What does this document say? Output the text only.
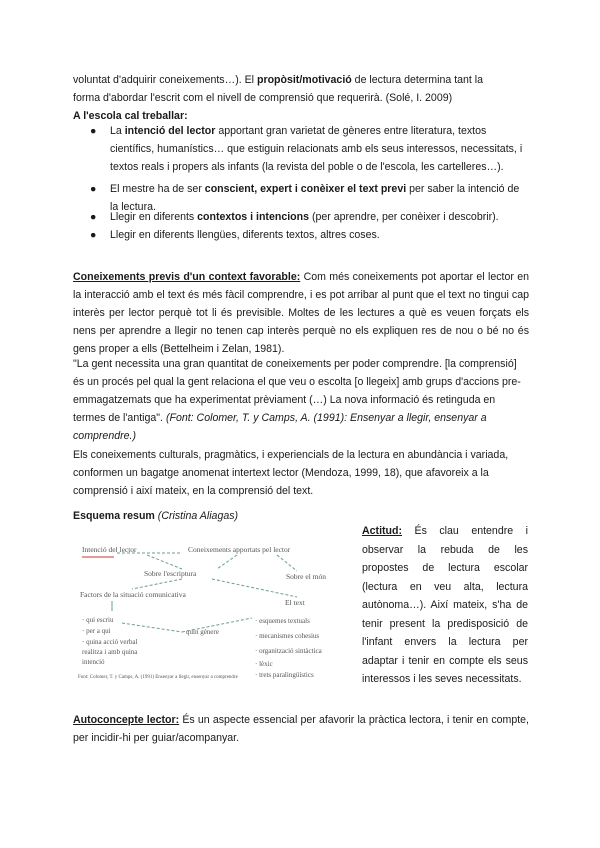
voluntat d'adquirir coneixements…). El propòsit/motivació de lectura determina tant la
forma d'abordar l'escrit com el nivell de comprensió que requerirà. (Solé, I. 2009)
A l'escola cal treballar:
● La intenció del lector apportant gran varietat de gèneres entre literatura, textos científics, humanístics… que estiguin relacionats amb els seus interessos, necessitats, i textos reals i propers als infants (la revista del poble o de l'escola, les cartelleres…).
● El mestre ha de ser conscient, expert i conèixer el text previ per saber la intenció de la lectura.
● Llegir en diferents contextos i intencions (per aprendre, per conèixer i descobrir).
● Llegir en diferents llengües, diferents textos, altres coses.
Coneixements previs d'un context favorable: Com més coneixements pot aportar el lector en la interacció amb el text és més fàcil comprendre, i es pot arribar al punt que el text no tingui cap interès per lector perquè tot li és previsible. Moltes de les lectures a què es veuen forçats els nens per aprendre a llegir no tenen cap interès perquè no els expliquen res de nou o bé no és gens proper a ells (Bettelheim i Zelan, 1981).
"La gent necessita una gran quantitat de coneixements per poder comprendre. [la comprensió] és un procés pel qual la gent relaciona el que veu o escolta [o llegeix] amb grups d'accions pre-emmagatzemats que ha experimentat prèviament (…) La nova informació és retinguda en termes de l'antiga". (Font: Colomer, T. y Camps, A. (1991): Ensenyar a llegir, ensenyar a comprendre.)
Els coneixements culturals, pragmàtics, i experiencials de la lectura en abundància i variada, conformen un bagatge anomenat intertext lector (Mendoza, 1999, 18), que afavoreix a la comprensió i així mateix, en la comprensió del text.
Esquema resum (Cristina Aliagas)
Intenció del lector	Coneixements apportats pel lector
Sobre l'escriptura	Sobre el món
Factors de la situació comunicativa
El text
· qui escriu
· per a qui
· quina acció verbal
realitza i amb quina
intenció
quin gènere
· esquemes textuals
· mecanismes cohesius
· organització sintàctica
· lèxic
· trets paralingüístics
Font: Colomer, T. y Camps, A. (1991) Ensenyar a llegir, ensenyar a comprendre
Actitud: És clau entendre i observar la rebuda de les propostes de lectura escolar (lectura en veu alta, lectura autònoma…). Així mateix, s'ha de tenir present la predisposició de l'infant envers la lectura per adaptar i tenir en compte els seus interessos i les seves necessitats.
Autoconcepte lector: És un aspecte essencial per afavorir la pràctica lectora, i tenir en compte, per incidir-hi per guiar/acompanyar.
